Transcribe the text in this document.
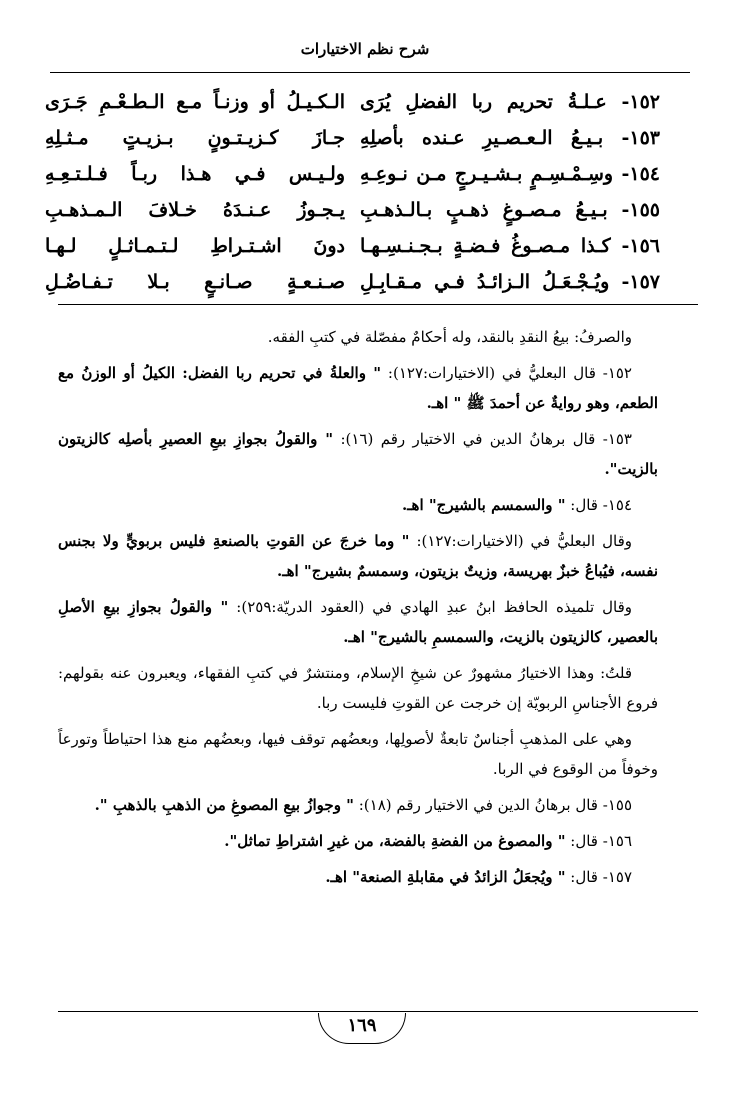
شرح نظم الاختيارات
١٥٢- عـلـةُ تحريم ربا الفضلِ يُرَى
الـكـيـلُ أو وزنـاً مـع الـطـعْـمِ جَـرَى
١٥٣- بـيـعُ الـعـصـيرِ عـنده بأصلِهِ
جـازَ كـزيـتـونٍ بـزيـتٍ مـثـلِهِ
١٥٤- وسِـمْـسِـمٍ بـشـيـرجٍ مـن نـوعِـهِ
ولـيـس فـي هـذا ربـاً فـلـتـعِـهِ
١٥٥- بـيـعُ مـصـوغٍ ذهـبٍ بـالـذهـبِ
يـجـوزُ عـنـدَهُ خـلافَ الـمـذهـبِ
١٥٦- كـذا مـصـوغُ فـضـةٍ بـجـنـسِـهـا
دونَ اشـتـراطِ لـتـمـاثـلٍ لـهـا
١٥٧- ويُـجْـعَـلُ الـزائـدُ فـي مـقـابِـلِ
صـنـعـةٍ صـانـعٍ بـلا تـفـاضُـلِ

والصرفُ: بيعُ النقدِ بالنقد، وله أحكامٌ مفصّلة في كتبِ الفقه.

١٥٢- قال البعليُّ في (الاختيارات:١٢٧): " والعلةُ في تحريم ربا الفضل: الكيلُ أو الوزنُ مع الطعم، وهو روايةٌ عن أحمدَ ﷺ " اهـ.

١٥٣- قال برهانُ الدين في الاختيار رقم (١٦): " والقولُ بجوازِ بيعِ العصيرِ بأصلِه كالزيتون بالزيت".

١٥٤- قال: " والسمسم بالشيرج" اهـ.

وقال البعليُّ في (الاختيارات:١٢٧): " وما خرجَ عن القوتِ بالصنعةِ فليس بربويٍّ ولا بجنس نفسه، فيُباعُ خبزٌ بهريسة، وزيتٌ بزيتون، وسمسمٌ بشيرج" اهـ.

وقال تلميذه الحافظ ابنُ عبدِ الهادي في (العقود الدريّة:٢٥٩): " والقولُ بجوازِ بيعِ الأصلِ بالعصير، كالزيتون بالزيت، والسمسمِ بالشيرج" اهـ.

قلتُ: وهذا الاختيارُ مشهورٌ عن شيخِ الإسلام، ومنتشرٌ في كتبِ الفقهاء، ويعبرون عنه بقولهم: فروع الأجناسِ الربويّة إن خرجت عن القوتِ فليست ربا.

وهي على المذهبِ أجناسٌ تابعةٌ لأصولِها، وبعضُهم توقف فيها، وبعضُهم منع هذا احتياطاً وتورعاً وخوفاً من الوقوع في الربا.

١٥٥- قال برهانُ الدين في الاختيار رقم (١٨): " وجوازُ بيعِ المصوغِ من الذهبِ بالذهبِ ".

١٥٦- قال: " والمصوغ من الفضةِ بالفضة، من غيرِ اشتراطِ تماثل".

١٥٧- قال: " ويُجعَلُ الزائدُ في مقابلةِ الصنعة" اهـ.

١٦٩
